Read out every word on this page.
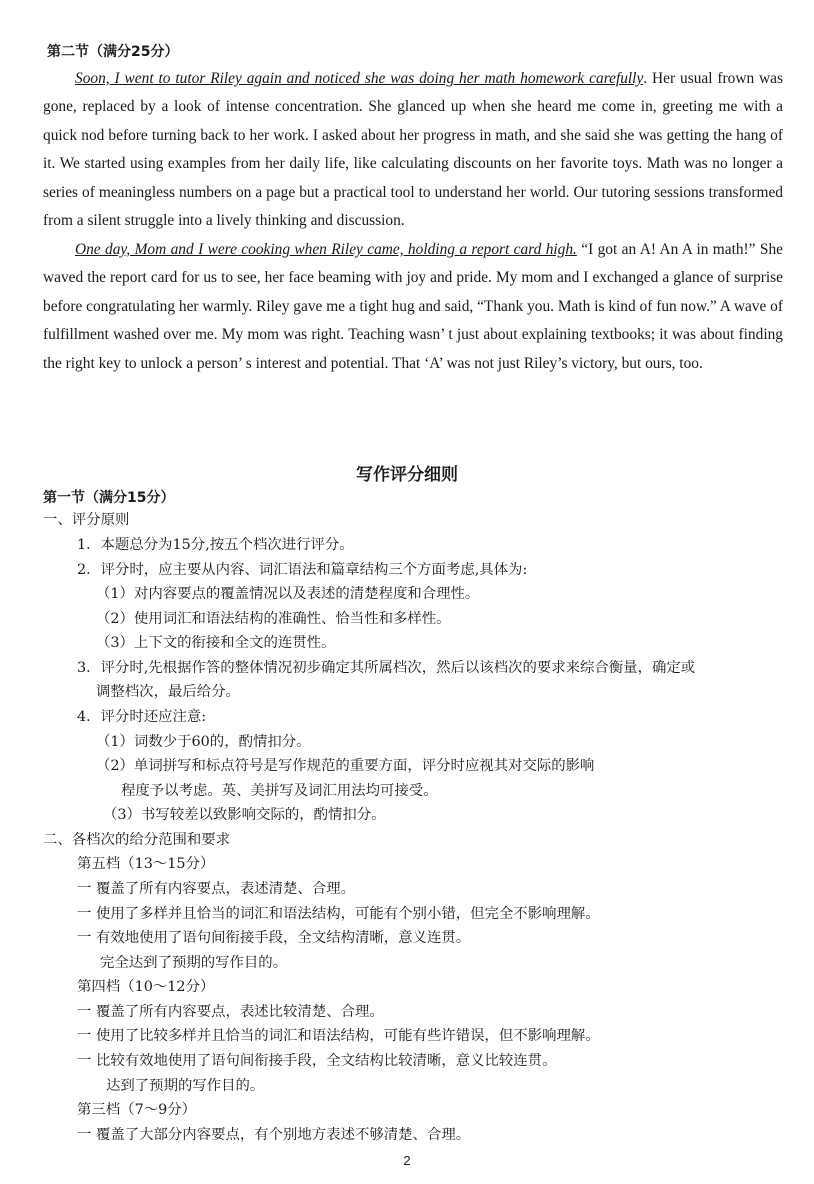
第二节（满分25分）
Soon, I went to tutor Riley again and noticed she was doing her math homework carefully. Her usual frown was gone, replaced by a look of intense concentration. She glanced up when she heard me come in, greeting me with a quick nod before turning back to her work. I asked about her progress in math, and she said she was getting the hang of it. We started using examples from her daily life, like calculating discounts on her favorite toys. Math was no longer a series of meaningless numbers on a page but a practical tool to understand her world. Our tutoring sessions transformed from a silent struggle into a lively thinking and discussion.
One day, Mom and I were cooking when Riley came, holding a report card high. “I got an A! An A in math!” She waved the report card for us to see, her face beaming with joy and pride. My mom and I exchanged a glance of surprise before congratulating her warmly. Riley gave me a tight hug and said, “Thank you. Math is kind of fun now.” A wave of fulfillment washed over me. My mom was right. Teaching wasn’ t just about explaining textbooks; it was about finding the right key to unlock a person’ s interest and potential. That ‘A’ was not just Riley’s victory, but ours, too.
写作评分细则
第一节（满分15分）
一、评分原则
1．本题总分为15分,按五个档次进行评分。
2．评分时，应主要从内容、词汇语法和篇章结构三个方面考虑,具体为:
（1）对内容要点的覆盖情况以及表述的清楚程度和合理性。
（2）使用词汇和语法结构的准确性、恰当性和多样性。
（3）上下文的衔接和全文的连贯性。
3．评分时,先根据作答的整体情况初步确定其所属档次，然后以该档次的要求来综合衡量，确定或
调整档次，最后给分。
4．评分时还应注意:
（1）词数少于60的，酌情扣分。
（2）单词拼写和标点符号是写作规范的重要方面，评分时应视其对交际的影响
程度予以考虑。英、美拼写及词汇用法均可接受。
（3）书写较差以致影响交际的，酌情扣分。
二、各档次的给分范围和要求
第五档（13～15分）
一 覆盖了所有内容要点，表述清楚、合理。
一 使用了多样并且恰当的词汇和语法结构，可能有个别小错，但完全不影响理解。
一 有效地使用了语句间衔接手段，全文结构清晰，意义连贯。
完全达到了预期的写作目的。
第四档（10～12分）
一 覆盖了所有内容要点，表述比较清楚、合理。
一 使用了比较多样并且恰当的词汇和语法结构，可能有些许错误，但不影响理解。
一 比较有效地使用了语句间衔接手段，全文结构比较清晰，意义比较连贯。
达到了预期的写作目的。
第三档（7～9分）
一 覆盖了大部分内容要点，有个别地方表述不够清楚、合理。
2
